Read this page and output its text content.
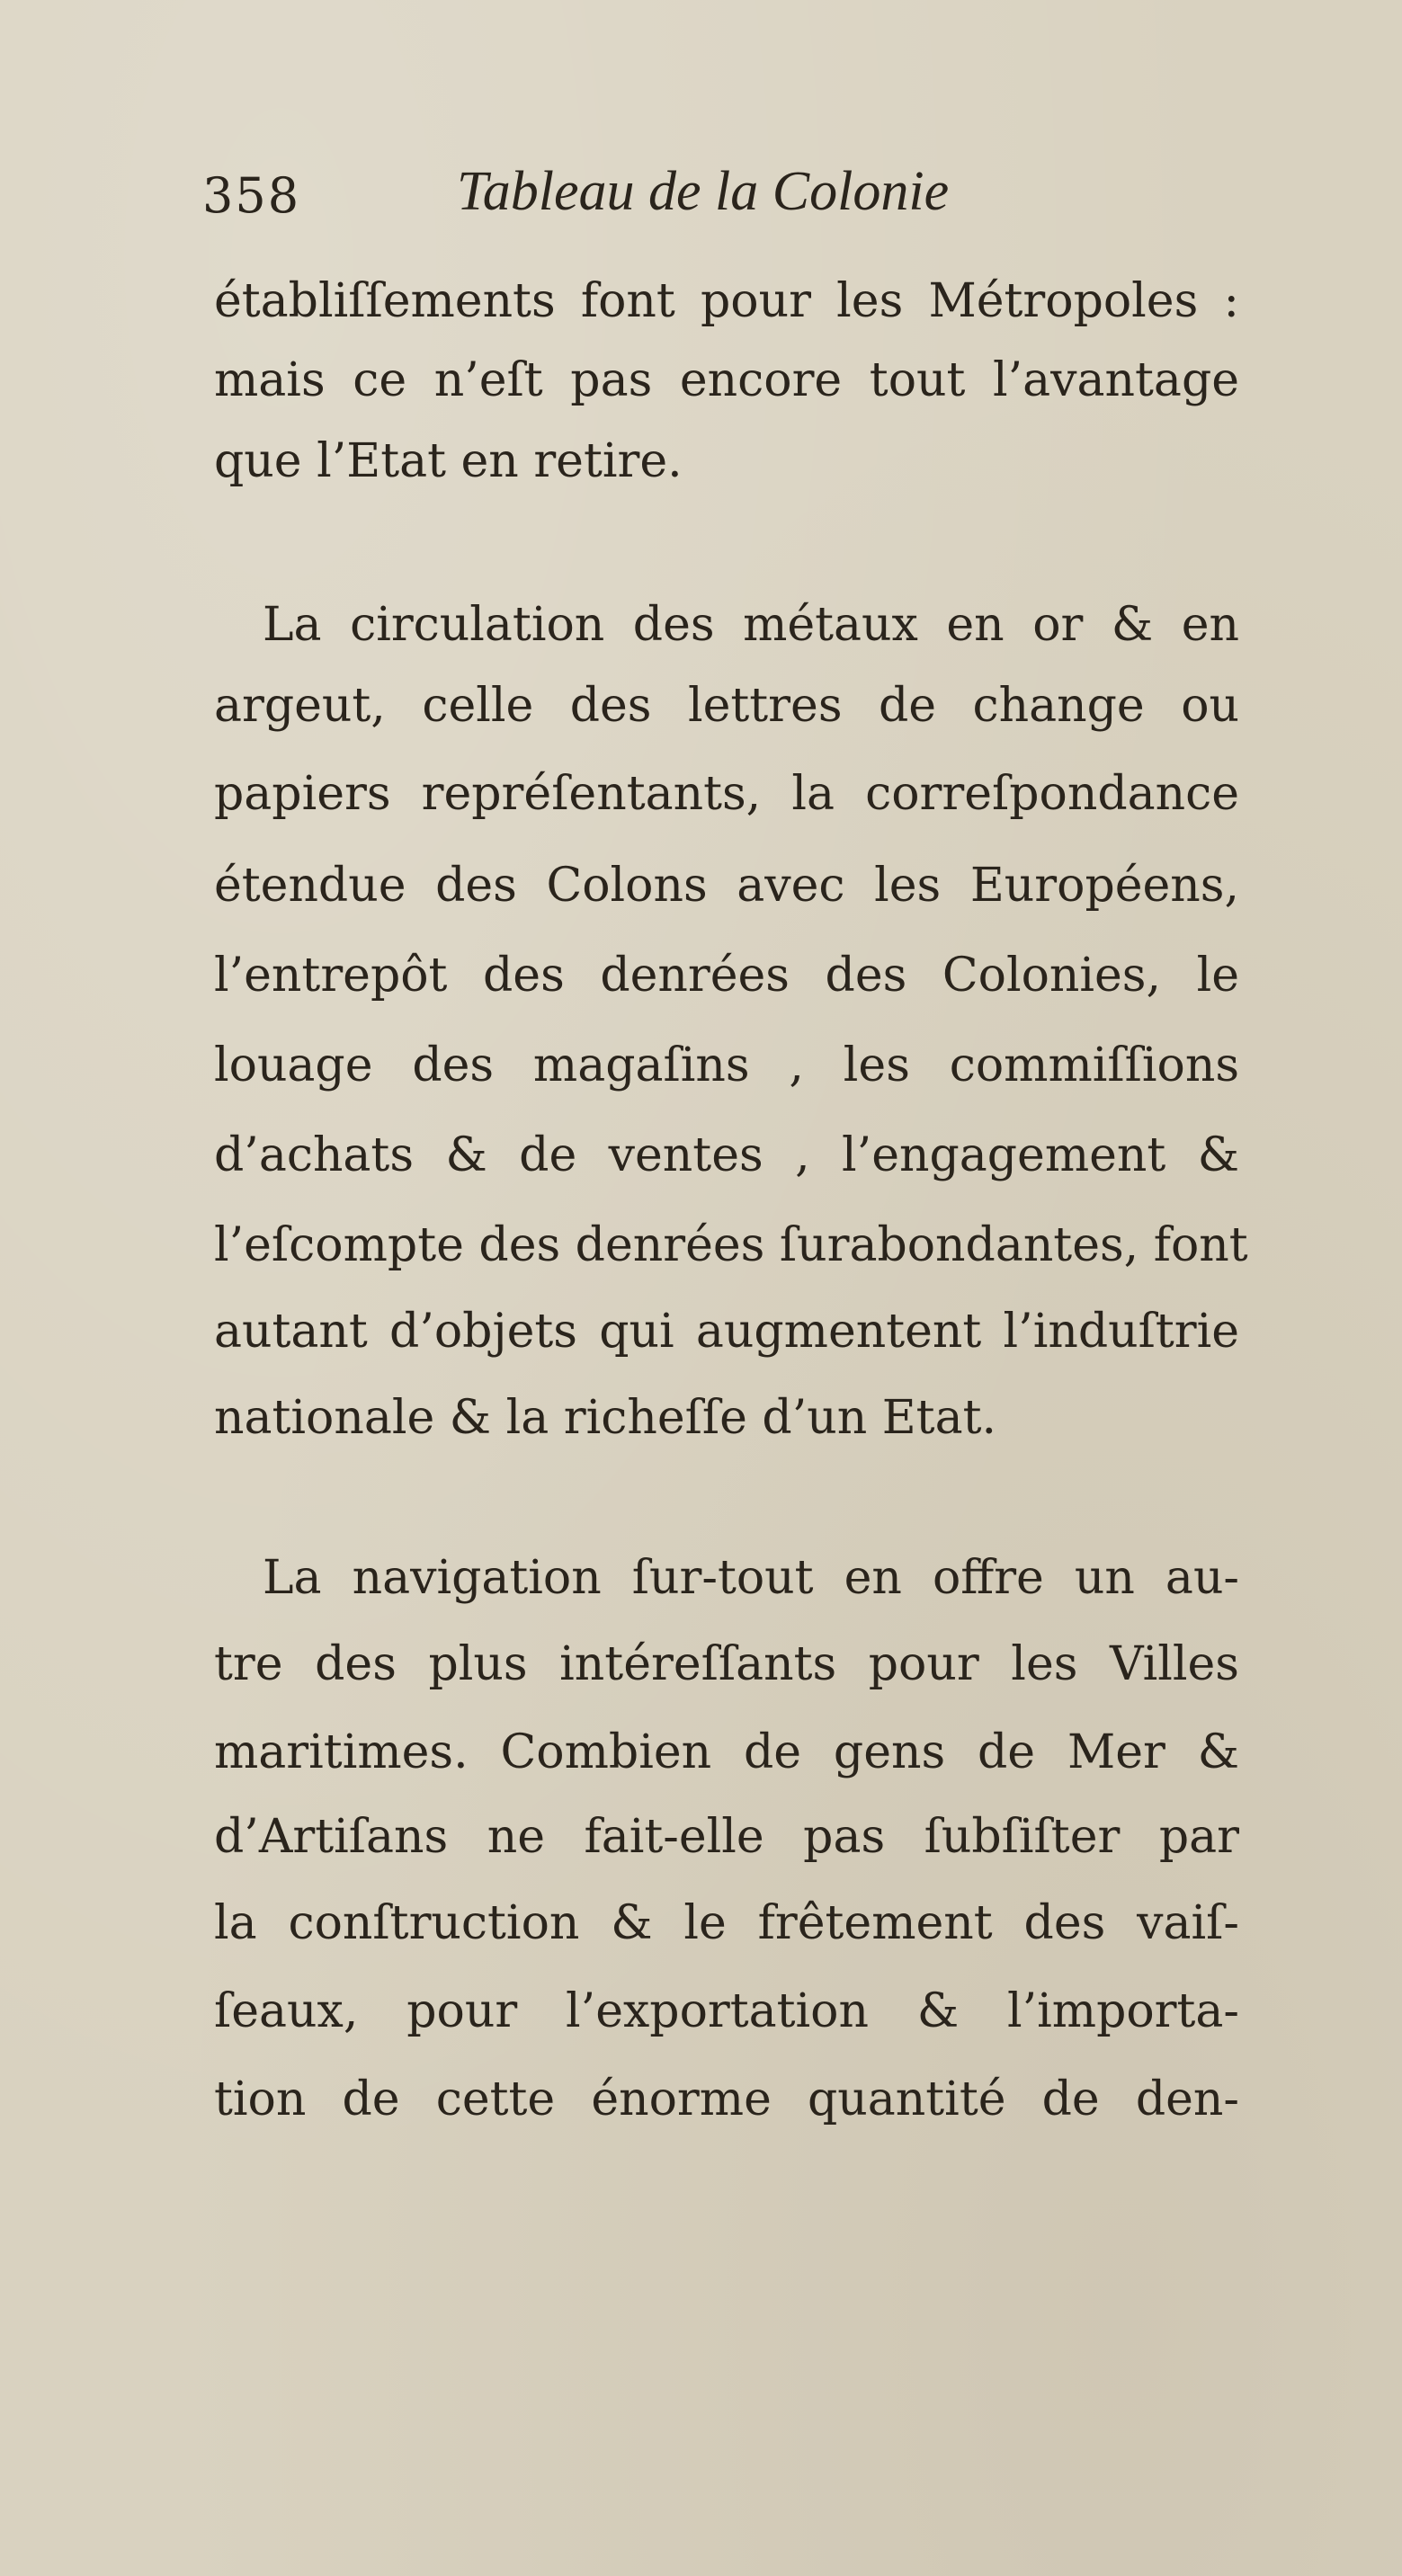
358	Tableau de la Colonie
établiſſements font pour les Métropoles :
mais ce n’eſt pas encore tout l’avantage
que l’Etat en retire.
La circulation des métaux en or & en
argeut, celle des lettres de change ou
papiers repréſentants, la correſpondance
étendue des Colons avec les Européens,
l’entrepôt des denrées des Colonies, le
louage des magaſins , les commiſſions
d’achats & de ventes , l’engagement &
l’eſcompte des denrées ſurabondantes, font
autant d’objets qui augmentent l’induſtrie
nationale & la richeſſe d’un Etat.
La navigation ſur-tout en offre un au-
tre des plus intéreſſants pour les Villes
maritimes. Combien de gens de Mer &
d’Artiſans ne fait-elle pas ſubſiſter par
la conſtruction & le frêtement des vaiſ-
ſeaux, pour l’exportation & l’importa-
tion de cette énorme quantité de den-
